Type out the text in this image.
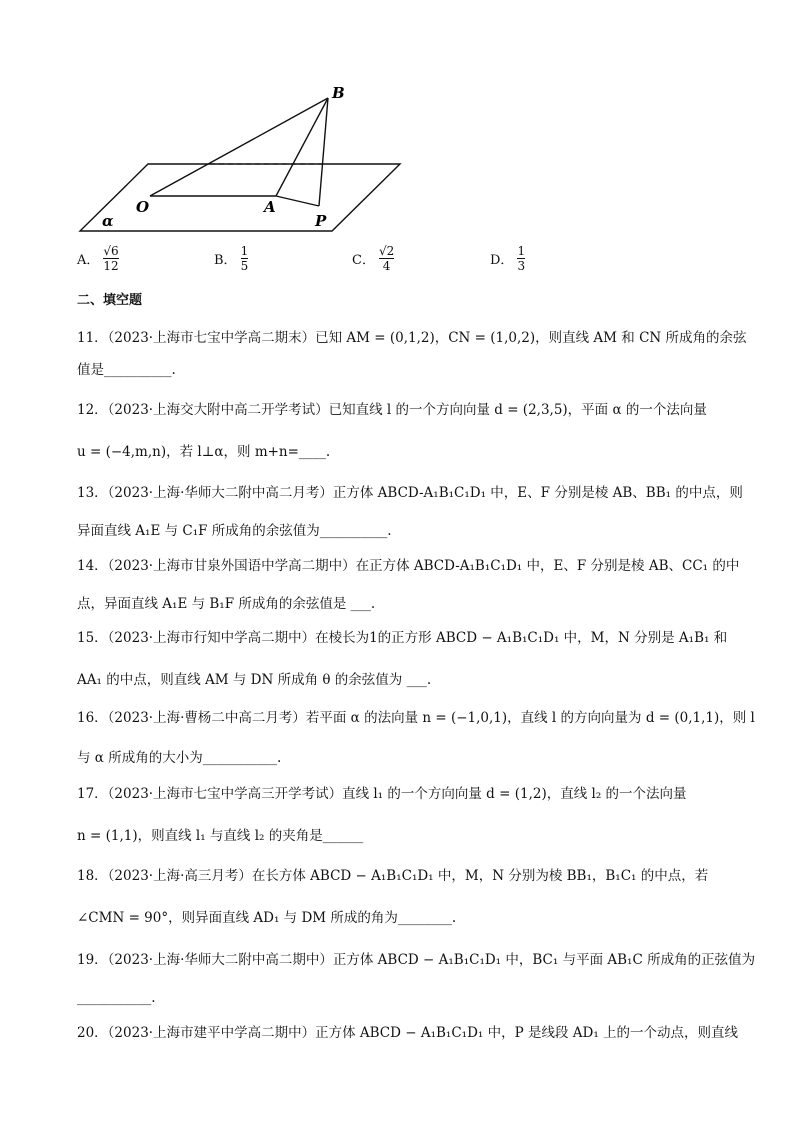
B
O	A
P
α
A． $\frac{√6}{12}$	B． $\frac{1}{5}$	C． $\frac{√2}{4}$	D． $\frac{1}{3}$
二、填空题
11．（2023·上海市七宝中学高二期末）已知 AM = (0,1,2)，CN = (1,0,2)，则直线 AM 和 CN 所成角的余弦
值是__________.
12．（2023·上海交大附中高二开学考试）已知直线 l 的一个方向向量 d = (2,3,5)，平面 α 的一个法向量
u = (−4,m,n)，若 l⊥α，则 m+n=____.
13．（2023·上海·华师大二附中高二月考）正方体 ABCD-A₁B₁C₁D₁ 中，E、F 分别是棱 AB、BB₁ 的中点，则
异面直线 A₁E 与 C₁F 所成角的余弦值为__________.
14．（2023·上海市甘泉外国语中学高二期中）在正方体 ABCD-A₁B₁C₁D₁ 中，E、F 分别是棱 AB、CC₁ 的中
点，异面直线 A₁E 与 B₁F 所成角的余弦值是 ___.
15．（2023·上海市行知中学高二期中）在棱长为1的正方形 ABCD − A₁B₁C₁D₁ 中，M，N 分别是 A₁B₁ 和
AA₁ 的中点，则直线 AM 与 DN 所成角 θ 的余弦值为 ___.
16．（2023·上海·曹杨二中高二月考）若平面 α 的法向量 n = (−1,0,1)，直线 l 的方向向量为 d = (0,1,1)，则 l
与 α 所成角的大小为___________.
17．（2023·上海市七宝中学高三开学考试）直线 l₁ 的一个方向向量 d = (1,2)，直线 l₂ 的一个法向量
n = (1,1)，则直线 l₁ 与直线 l₂ 的夹角是______
18．（2023·上海·高三月考）在长方体 ABCD − A₁B₁C₁D₁ 中，M，N 分别为棱 BB₁，B₁C₁ 的中点，若
∠CMN = 90°，则异面直线 AD₁ 与 DM 所成的角为________.
19．（2023·上海·华师大二附中高二期中）正方体 ABCD − A₁B₁C₁D₁ 中，BC₁ 与平面 AB₁C 所成角的正弦值为
___________.
20．（2023·上海市建平中学高二期中）正方体 ABCD − A₁B₁C₁D₁ 中，P 是线段 AD₁ 上的一个动点，则直线
